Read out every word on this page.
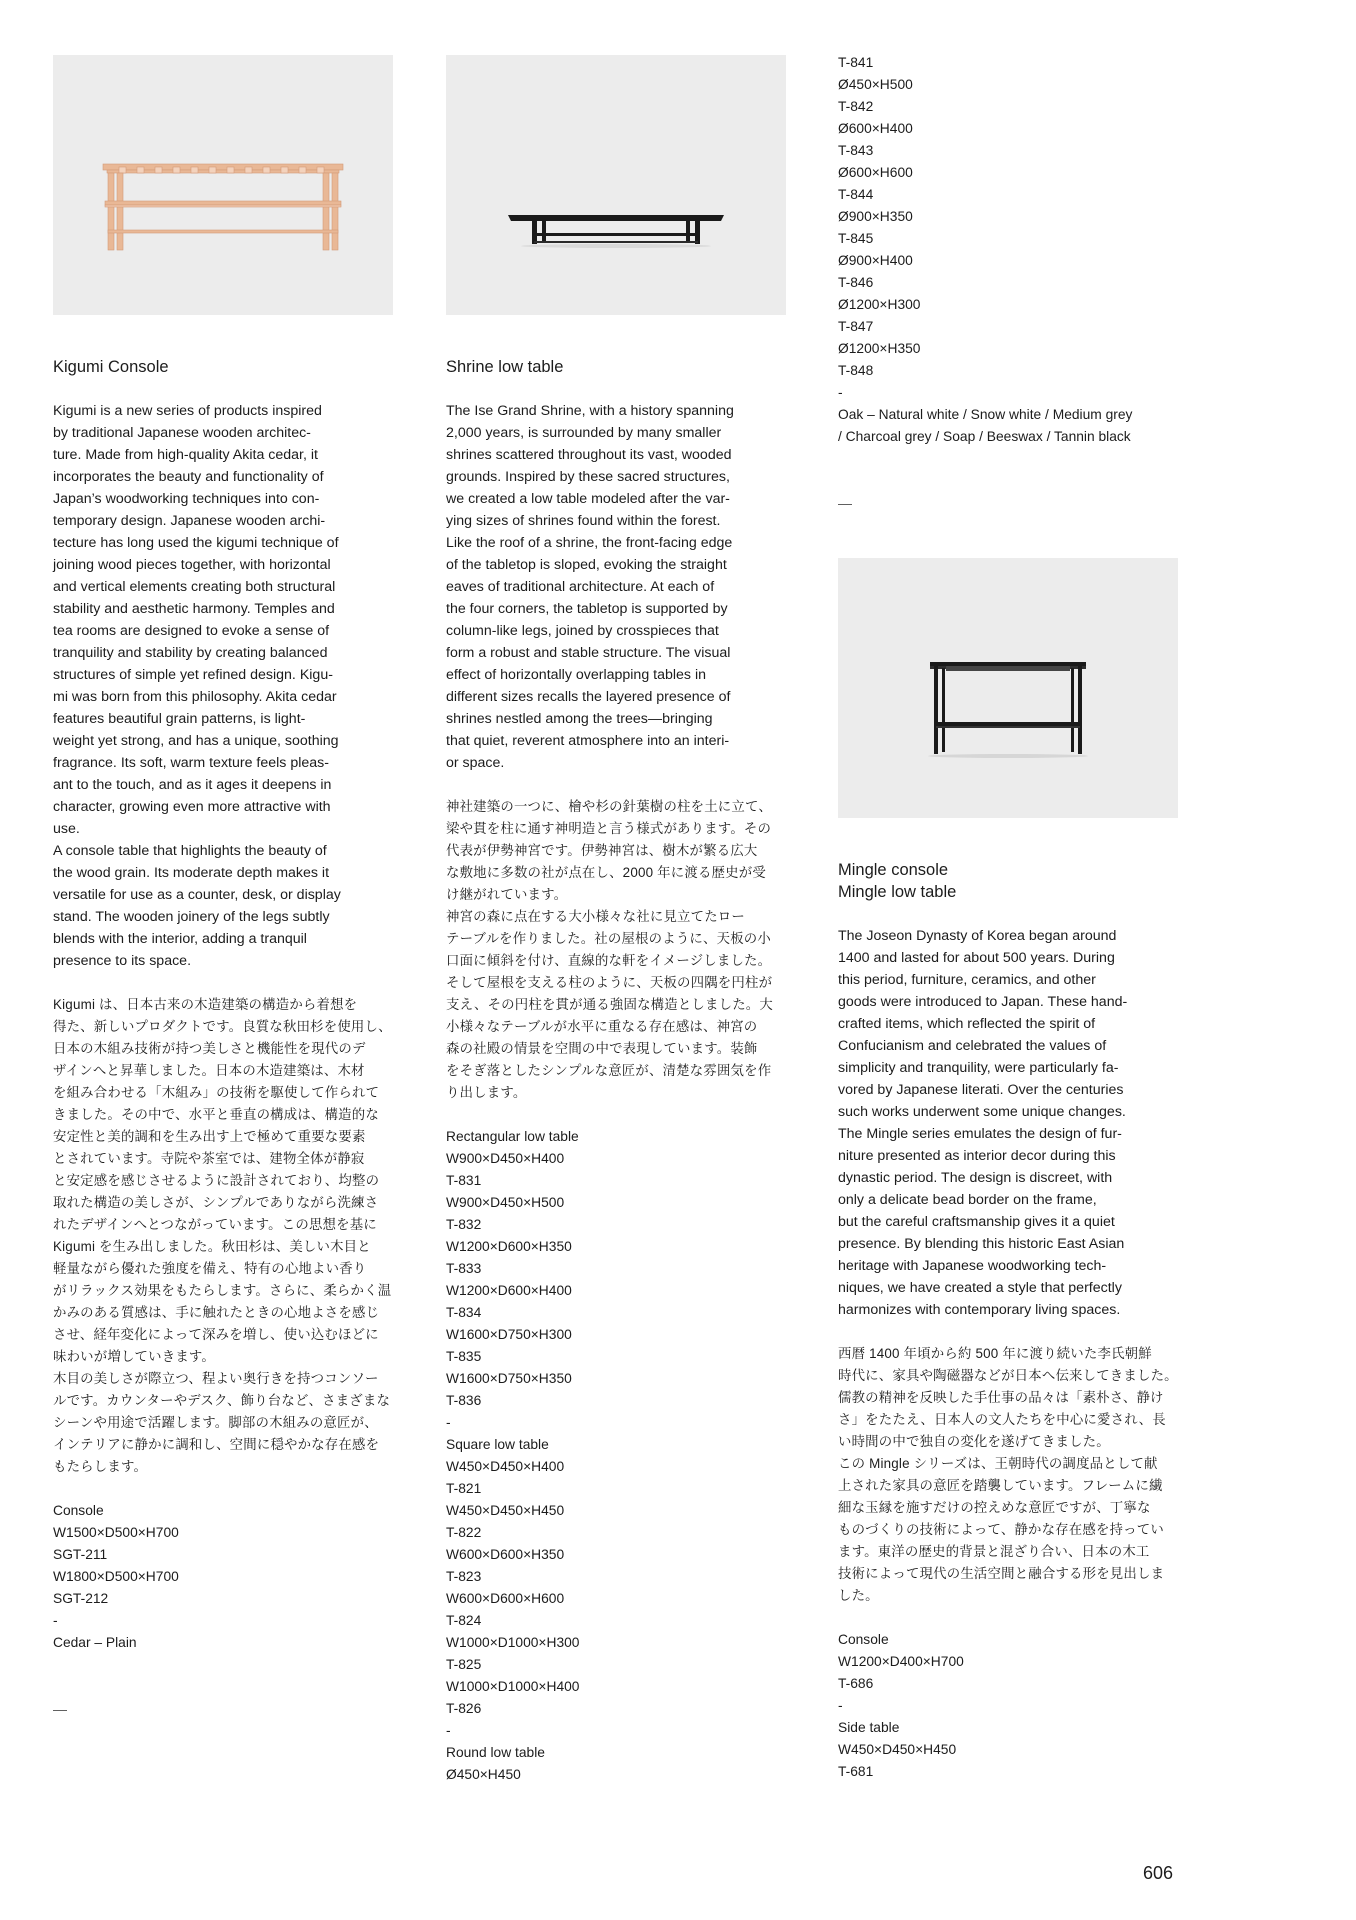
Kigumi Console

Kigumi is a new series of products inspired
by traditional Japanese wooden architec-
ture. Made from high-quality Akita cedar, it
incorporates the beauty and functionality of
Japan’s woodworking techniques into con-
temporary design. Japanese wooden archi-
tecture has long used the kigumi technique of
joining wood pieces together, with horizontal
and vertical elements creating both structural
stability and aesthetic harmony. Temples and
tea rooms are designed to evoke a sense of
tranquility and stability by creating balanced
structures of simple yet refined design. Kigu-
mi was born from this philosophy. Akita cedar
features beautiful grain patterns, is light-
weight yet strong, and has a unique, soothing
fragrance. Its soft, warm texture feels pleas-
ant to the touch, and as it ages it deepens in
character, growing even more attractive with
use.
A console table that highlights the beauty of
the wood grain. Its moderate depth makes it
versatile for use as a counter, desk, or display
stand. The wooden joinery of the legs subtly
blends with the interior, adding a tranquil
presence to its space.
Kigumi は、日本古来の木造建築の構造から着想を
得た、新しいプロダクトです。良質な秋田杉を使用し、
日本の木組み技術が持つ美しさと機能性を現代のデ
ザインへと昇華しました。日本の木造建築は、木材
を組み合わせる「木組み」の技術を駆使して作られて
きました。その中で、水平と垂直の構成は、構造的な
安定性と美的調和を生み出す上で極めて重要な要素
とされています。寺院や茶室では、建物全体が静寂
と安定感を感じさせるように設計されており、均整の
取れた構造の美しさが、シンプルでありながら洗練さ
れたデザインへとつながっています。この思想を基に
Kigumi を生み出しました。秋田杉は、美しい木目と
軽量ながら優れた強度を備え、特有の心地よい香り
がリラックス効果をもたらします。さらに、柔らかく温
かみのある質感は、手に触れたときの心地よさを感じ
させ、経年変化によって深みを増し、使い込むほどに
味わいが増していきます。
木目の美しさが際立つ、程よい奥行きを持つコンソー
ルです。カウンターやデスク、飾り台など、さまざまな
シーンや用途で活躍します。脚部の木組みの意匠が、
インテリアに静かに調和し、空間に穏やかな存在感を
もたらします。
Console
W1500×D500×H700
SGT-211
W1800×D500×H700
SGT-212
-
Cedar – Plain

—

Shrine low table

The Ise Grand Shrine, with a history spanning
2,000 years, is surrounded by many smaller
shrines scattered throughout its vast, wooded
grounds. Inspired by these sacred structures,
we created a low table modeled after the var-
ying sizes of shrines found within the forest.
Like the roof of a shrine, the front-facing edge
of the tabletop is sloped, evoking the straight
eaves of traditional architecture. At each of
the four corners, the tabletop is supported by
column-like legs, joined by crosspieces that
form a robust and stable structure. The visual
effect of horizontally overlapping tables in
different sizes recalls the layered presence of
shrines nestled among the trees—bringing
that quiet, reverent atmosphere into an interi-
or space.
神社建築の一つに、檜や杉の針葉樹の柱を土に立て、
梁や貫を柱に通す神明造と言う様式があります。その
代表が伊勢神宮です。伊勢神宮は、樹木が繁る広大
な敷地に多数の社が点在し、2000 年に渡る歴史が受
け継がれています。
神宮の森に点在する大小様々な社に見立てたロー
テーブルを作りました。社の屋根のように、天板の小
口面に傾斜を付け、直線的な軒をイメージしました。
そして屋根を支える柱のように、天板の四隅を円柱が
支え、その円柱を貫が通る強固な構造としました。大
小様々なテーブルが水平に重なる存在感は、神宮の
森の社殿の情景を空間の中で表現しています。装飾
をそぎ落としたシンプルな意匠が、清楚な雰囲気を作
り出します。
Rectangular low table
W900×D450×H400
T-831
W900×D450×H500
T-832
W1200×D600×H350
T-833
W1200×D600×H400
T-834
W1600×D750×H300
T-835
W1600×D750×H350
T-836
-
Square low table
W450×D450×H400
T-821
W450×D450×H450
T-822
W600×D600×H350
T-823
W600×D600×H600
T-824
W1000×D1000×H300
T-825
W1000×D1000×H400
T-826
-
Round low table
Ø450×H450
T-841
Ø450×H500
T-842
Ø600×H400
T-843
Ø600×H600
T-844
Ø900×H350
T-845
Ø900×H400
T-846
Ø1200×H300
T-847
Ø1200×H350
T-848
-
Oak – Natural white / Snow white / Medium grey
/ Charcoal grey / Soap / Beeswax / Tannin black

—

Mingle console

Mingle low table

The Joseon Dynasty of Korea began around
1400 and lasted for about 500 years. During
this period, furniture, ceramics, and other
goods were introduced to Japan. These hand-
crafted items, which reflected the spirit of
Confucianism and celebrated the values of
simplicity and tranquility, were particularly fa-
vored by Japanese literati. Over the centuries
such works underwent some unique changes.
The Mingle series emulates the design of fur-
niture presented as interior decor during this
dynastic period. The design is discreet, with
only a delicate bead border on the frame,
but the careful craftsmanship gives it a quiet
presence. By blending this historic East Asian
heritage with Japanese woodworking tech-
niques, we have created a style that perfectly
harmonizes with contemporary living spaces.
西暦 1400 年頃から約 500 年に渡り続いた李氏朝鮮
時代に、家具や陶磁器などが日本へ伝来してきました。
儒教の精神を反映した手仕事の品々は「素朴さ、静け
さ」をたたえ、日本人の文人たちを中心に愛され、長
い時間の中で独自の変化を遂げてきました。
この Mingle シリーズは、王朝時代の調度品として献
上された家具の意匠を踏襲しています。フレームに繊
細な玉縁を施すだけの控えめな意匠ですが、丁寧な
ものづくりの技術によって、静かな存在感を持ってい
ます。東洋の歴史的背景と混ざり合い、日本の木工
技術によって現代の生活空間と融合する形を見出しま
した。
Console
W1200×D400×H700
T-686
-
Side table
W450×D450×H450
T-681
606
